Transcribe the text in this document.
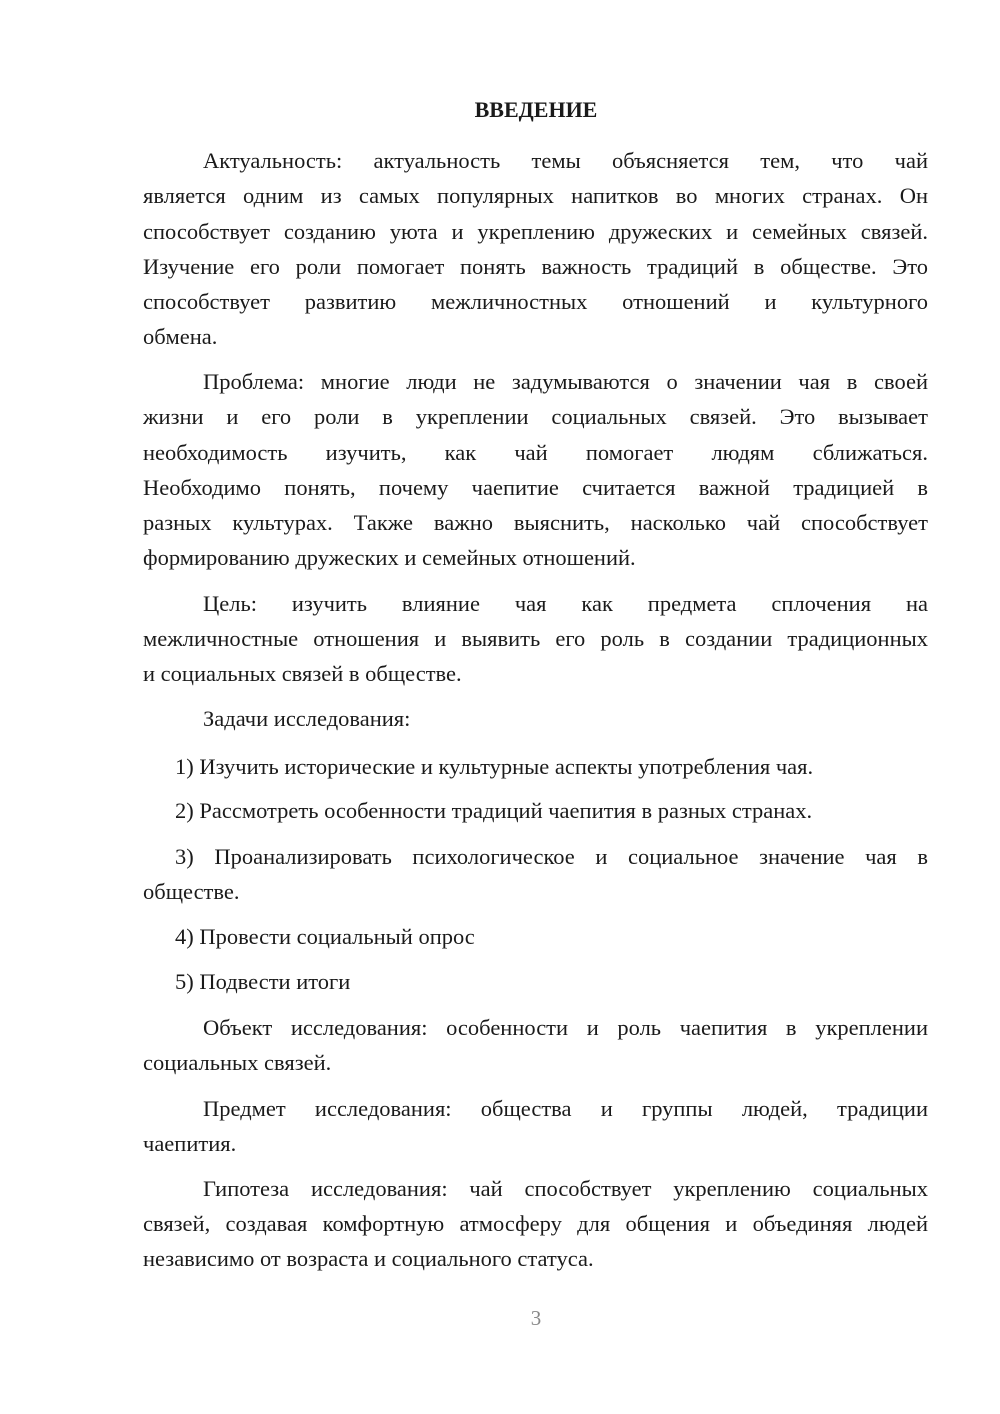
ВВЕДЕНИЕ
Актуальность: актуальность темы объясняется тем, что чай
является одним из самых популярных напитков во многих странах. Он
способствует созданию уюта и укреплению дружеских и семейных связей.
Изучение его роли помогает понять важность традиций в обществе. Это
способствует развитию межличностных отношений и культурного
обмена.
Проблема: многие люди не задумываются о значении чая в своей
жизни и его роли в укреплении социальных связей. Это вызывает
необходимость изучить, как чай помогает людям сближаться.
Необходимо понять, почему чаепитие считается важной традицией в
разных культурах. Также важно выяснить, насколько чай способствует
формированию дружеских и семейных отношений.
Цель: изучить влияние чая как предмета сплочения на
межличностные отношения и выявить его роль в создании традиционных
и социальных связей в обществе.
Задачи исследования:
1) Изучить исторические и культурные аспекты употребления чая.
2) Рассмотреть особенности традиций чаепития в разных странах.
3) Проанализировать психологическое и социальное значение чая в
обществе.
4) Провести социальный опрос
5) Подвести итоги
Объект исследования: особенности и роль чаепития в укреплении
социальных связей.
Предмет исследования: общества и группы людей, традиции
чаепития.
Гипотеза исследования: чай способствует укреплению социальных
связей, создавая комфортную атмосферу для общения и объединяя людей
независимо от возраста и социального статуса.
3
